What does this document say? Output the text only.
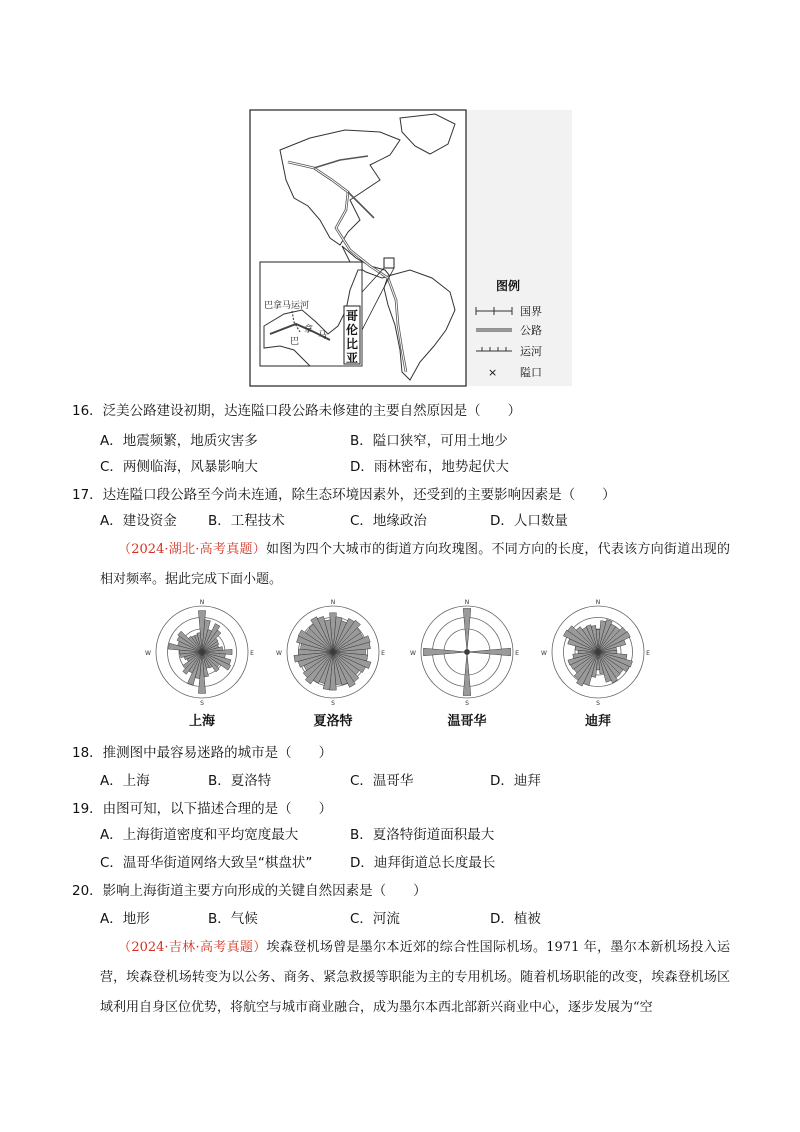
巴拿马运河
巴
拿
马
哥
伦
比
亚
图例
国界
公路
运河
× 隘口
16．泛美公路建设初期，达连隘口段公路未修建的主要自然原因是（　　）
A．地震频繁，地质灾害多	B．隘口狭窄，可用土地少
C．两侧临海，风暴影响大	D．雨林密布，地势起伏大
17．达连隘口段公路至今尚未连通，除生态环境因素外，还受到的主要影响因素是（　　）
A．建设资金 B．工程技术	C．地缘政治	D．人口数量
（2024·湖北·高考真题）如图为四个大城市的街道方向玫瑰图。不同方向的长度，代表该方向街道出现的相对频率。据此完成下面小题。
N
S
E
W
上海
N
S
E
W
夏洛特
N
S
E
W
温哥华
N
S
E
W
迪拜
18．推测图中最容易迷路的城市是（　　）
A．上海	B．夏洛特	C．温哥华	D．迪拜
19．由图可知，以下描述合理的是（　　）
A．上海街道密度和平均宽度最大	B．夏洛特街道面积最大
C．温哥华街道网络大致呈“棋盘状”	D．迪拜街道总长度最长
20．影响上海街道主要方向形成的关键自然因素是（　　）
A．地形	B．气候	C．河流	D．植被
（2024·吉林·高考真题）埃森登机场曾是墨尔本近郊的综合性国际机场。1971 年，墨尔本新机场投入运营，埃森登机场转变为以公务、商务、紧急救援等职能为主的专用机场。随着机场职能的改变，埃森登机场区域利用自身区位优势，将航空与城市商业融合，成为墨尔本西北部新兴商业中心，逐步发展为“空
